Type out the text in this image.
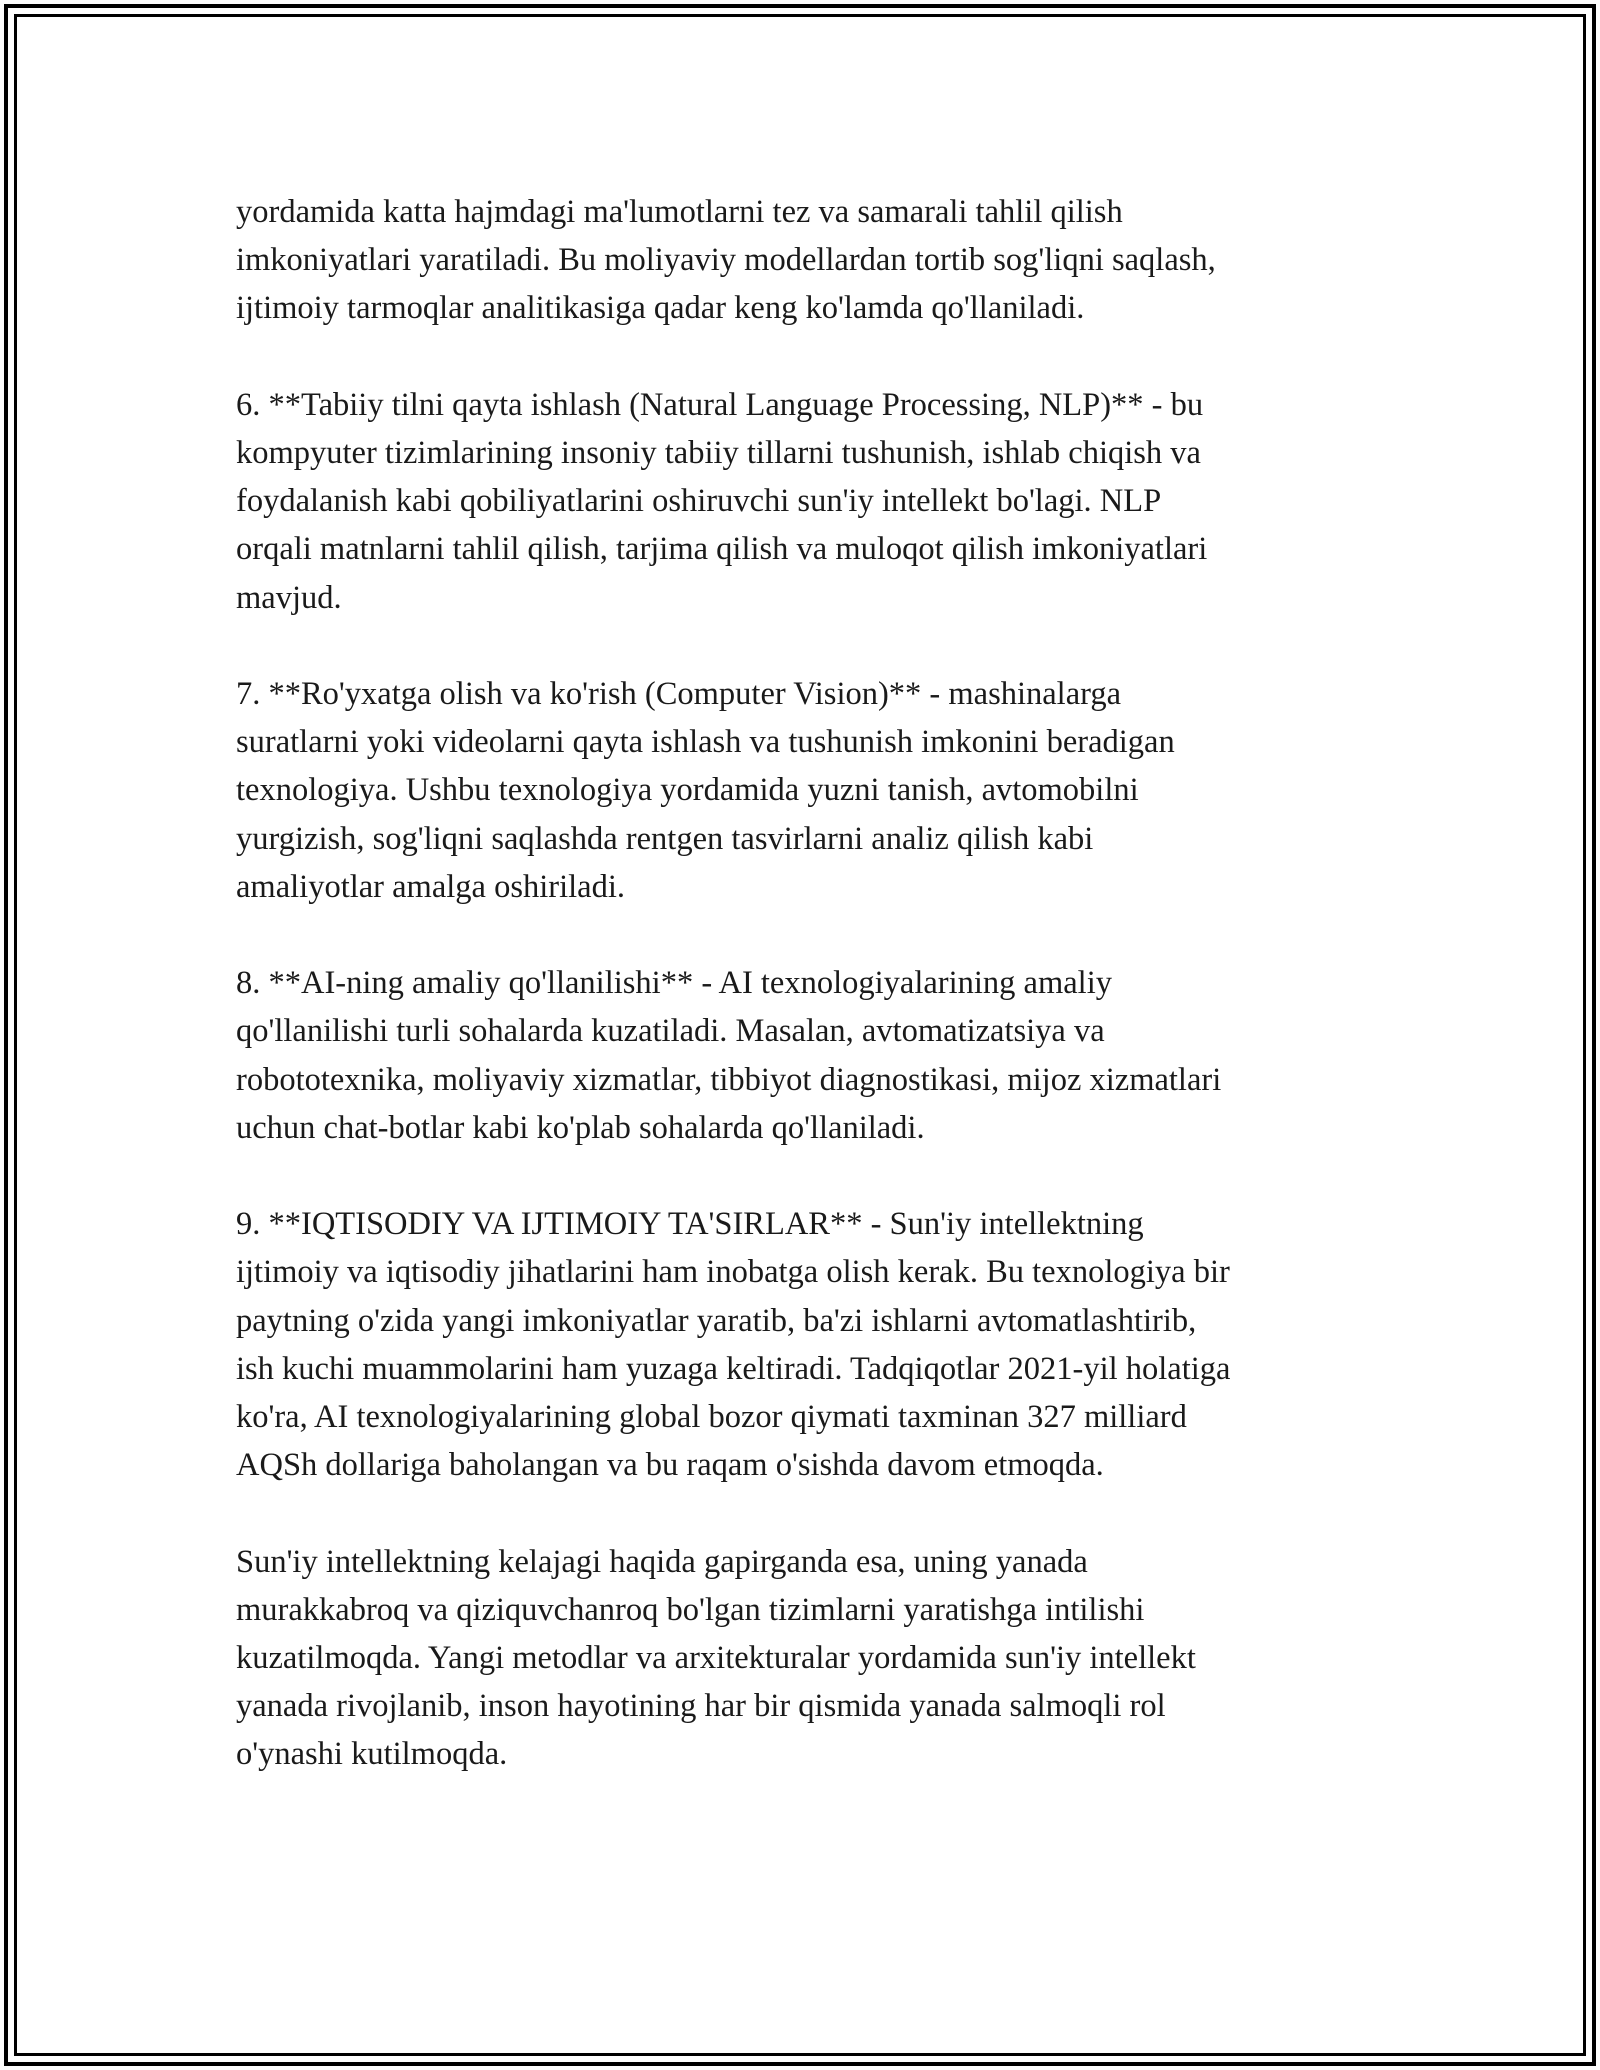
yordamida katta hajmdagi ma'lumotlarni tez va samarali tahlil qilish
imkoniyatlari yaratiladi. Bu moliyaviy modellardan tortib sog'liqni saqlash,
ijtimoiy tarmoqlar analitikasiga qadar keng ko'lamda qo'llaniladi.
6. **Tabiiy tilni qayta ishlash (Natural Language Processing, NLP)** - bu
kompyuter tizimlarining insoniy tabiiy tillarni tushunish, ishlab chiqish va
foydalanish kabi qobiliyatlarini oshiruvchi sun'iy intellekt bo'lagi. NLP
orqali matnlarni tahlil qilish, tarjima qilish va muloqot qilish imkoniyatlari
mavjud.
7. **Ro'yxatga olish va ko'rish (Computer Vision)** - mashinalarga
suratlarni yoki videolarni qayta ishlash va tushunish imkonini beradigan
texnologiya. Ushbu texnologiya yordamida yuzni tanish, avtomobilni
yurgizish, sog'liqni saqlashda rentgen tasvirlarni analiz qilish kabi
amaliyotlar amalga oshiriladi.
8. **AI-ning amaliy qo'llanilishi** - AI texnologiyalarining amaliy
qo'llanilishi turli sohalarda kuzatiladi. Masalan, avtomatizatsiya va
robototexnika, moliyaviy xizmatlar, tibbiyot diagnostikasi, mijoz xizmatlari
uchun chat-botlar kabi ko'plab sohalarda qo'llaniladi.
9. **IQTISODIY VA IJTIMOIY TA'SIRLAR** - Sun'iy intellektning
ijtimoiy va iqtisodiy jihatlarini ham inobatga olish kerak. Bu texnologiya bir
paytning o'zida yangi imkoniyatlar yaratib, ba'zi ishlarni avtomatlashtirib,
ish kuchi muammolarini ham yuzaga keltiradi. Tadqiqotlar 2021-yil holatiga
ko'ra, AI texnologiyalarining global bozor qiymati taxminan 327 milliard
AQSh dollariga baholangan va bu raqam o'sishda davom etmoqda.
Sun'iy intellektning kelajagi haqida gapirganda esa, uning yanada
murakkabroq va qiziquvchanroq bo'lgan tizimlarni yaratishga intilishi
kuzatilmoqda. Yangi metodlar va arxitekturalar yordamida sun'iy intellekt
yanada rivojlanib, inson hayotining har bir qismida yanada salmoqli rol
o'ynashi kutilmoqda.
